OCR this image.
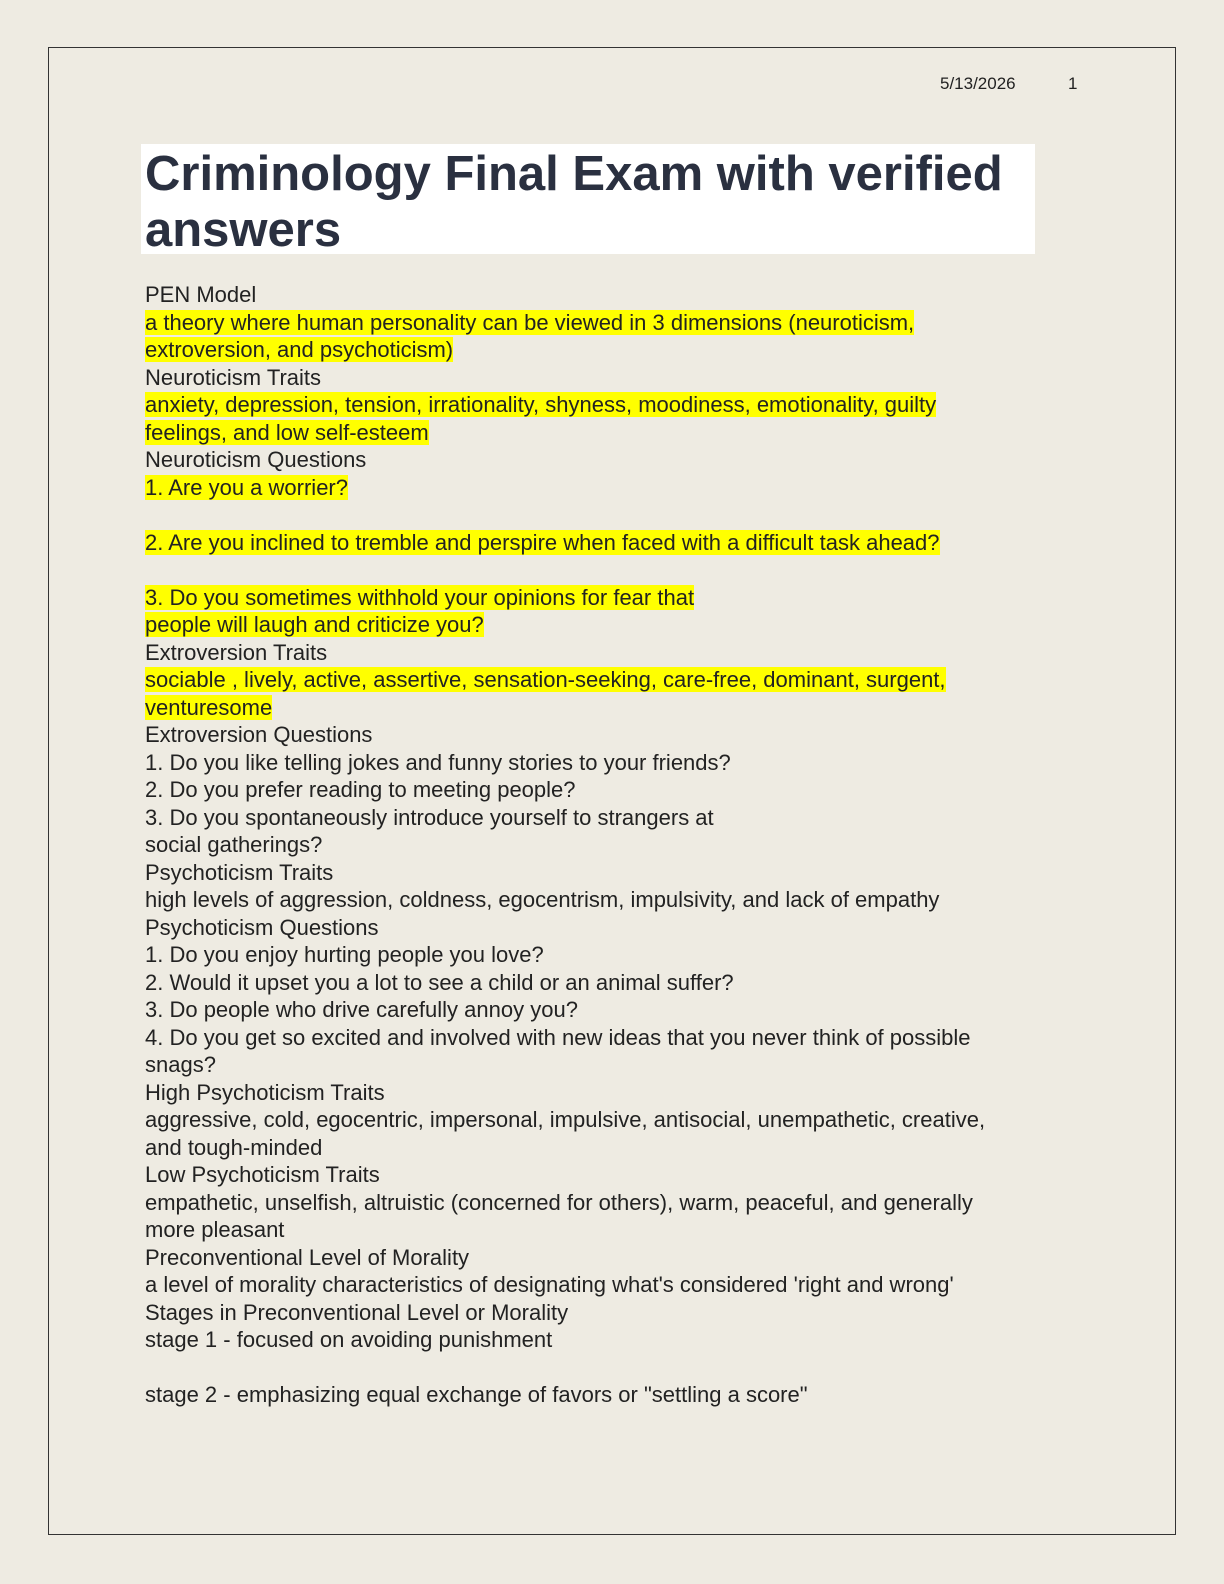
5/13/2026	1
Criminology Final Exam with verified
answers
PEN Model
a theory where human personality can be viewed in 3 dimensions (neuroticism,
extroversion, and psychoticism)
Neuroticism Traits
anxiety, depression, tension, irrationality, shyness, moodiness, emotionality, guilty
feelings, and low self-esteem
Neuroticism Questions
1. Are you a worrier?
2. Are you inclined to tremble and perspire when faced with a difficult task ahead?
3. Do you sometimes withhold your opinions for fear that
people will laugh and criticize you?
Extroversion Traits
sociable , lively, active, assertive, sensation-seeking, care-free, dominant, surgent,
venturesome
Extroversion Questions
1. Do you like telling jokes and funny stories to your friends?
2. Do you prefer reading to meeting people?
3. Do you spontaneously introduce yourself to strangers at
social gatherings?
Psychoticism Traits
high levels of aggression, coldness, egocentrism, impulsivity, and lack of empathy
Psychoticism Questions
1. Do you enjoy hurting people you love?
2. Would it upset you a lot to see a child or an animal suffer?
3. Do people who drive carefully annoy you?
4. Do you get so excited and involved with new ideas that you never think of possible
snags?
High Psychoticism Traits
aggressive, cold, egocentric, impersonal, impulsive, antisocial, unempathetic, creative,
and tough-minded
Low Psychoticism Traits
empathetic, unselfish, altruistic (concerned for others), warm, peaceful, and generally
more pleasant
Preconventional Level of Morality
a level of morality characteristics of designating what's considered 'right and wrong'
Stages in Preconventional Level or Morality
stage 1 - focused on avoiding punishment
stage 2 - emphasizing equal exchange of favors or "settling a score"
